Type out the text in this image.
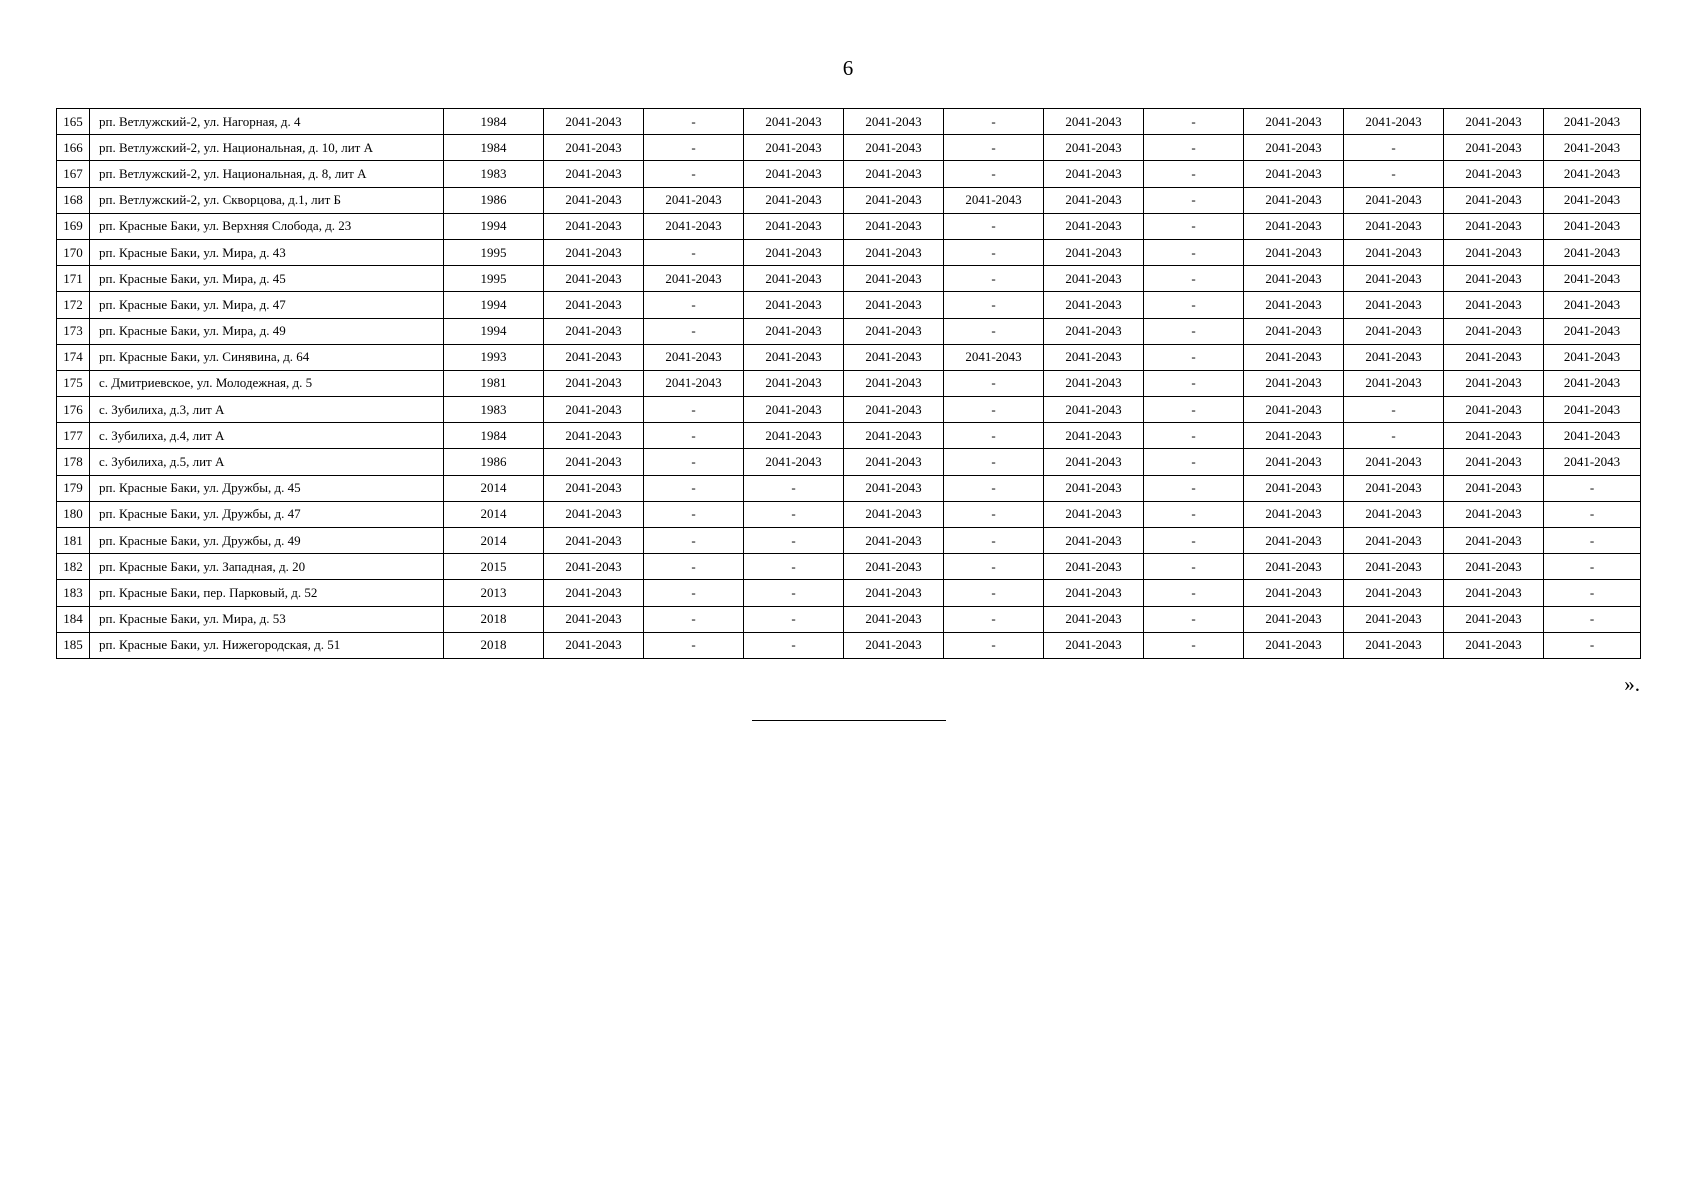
6
165	рп. Ветлужский-2, ул. Нагорная, д. 4	1984	2041-2043	-	2041-2043	2041-2043	-	2041-2043	-	2041-2043	2041-2043	2041-2043	2041-2043
166	рп. Ветлужский-2, ул. Национальная, д. 10, лит А	1984	2041-2043	-	2041-2043	2041-2043	-	2041-2043	-	2041-2043	-	2041-2043	2041-2043
167	рп. Ветлужский-2, ул. Национальная, д. 8, лит А	1983	2041-2043	-	2041-2043	2041-2043	-	2041-2043	-	2041-2043	-	2041-2043	2041-2043
168	рп. Ветлужский-2, ул. Скворцова, д.1, лит Б	1986	2041-2043	2041-2043	2041-2043	2041-2043	2041-2043	2041-2043	-	2041-2043	2041-2043	2041-2043	2041-2043
169	рп. Красные Баки, ул. Верхняя Слобода, д. 23	1994	2041-2043	2041-2043	2041-2043	2041-2043	-	2041-2043	-	2041-2043	2041-2043	2041-2043	2041-2043
170	рп. Красные Баки, ул. Мира, д. 43	1995	2041-2043	-	2041-2043	2041-2043	-	2041-2043	-	2041-2043	2041-2043	2041-2043	2041-2043
171	рп. Красные Баки, ул. Мира, д. 45	1995	2041-2043	2041-2043	2041-2043	2041-2043	-	2041-2043	-	2041-2043	2041-2043	2041-2043	2041-2043
172	рп. Красные Баки, ул. Мира, д. 47	1994	2041-2043	-	2041-2043	2041-2043	-	2041-2043	-	2041-2043	2041-2043	2041-2043	2041-2043
173	рп. Красные Баки, ул. Мира, д. 49	1994	2041-2043	-	2041-2043	2041-2043	-	2041-2043	-	2041-2043	2041-2043	2041-2043	2041-2043
174	рп. Красные Баки, ул. Синявина, д. 64	1993	2041-2043	2041-2043	2041-2043	2041-2043	2041-2043	2041-2043	-	2041-2043	2041-2043	2041-2043	2041-2043
175	с. Дмитриевское, ул. Молодежная, д. 5	1981	2041-2043	2041-2043	2041-2043	2041-2043	-	2041-2043	-	2041-2043	2041-2043	2041-2043	2041-2043
176	с. Зубилиха, д.3, лит А	1983	2041-2043	-	2041-2043	2041-2043	-	2041-2043	-	2041-2043	-	2041-2043	2041-2043
177	с. Зубилиха, д.4, лит А	1984	2041-2043	-	2041-2043	2041-2043	-	2041-2043	-	2041-2043	-	2041-2043	2041-2043
178	с. Зубилиха, д.5, лит А	1986	2041-2043	-	2041-2043	2041-2043	-	2041-2043	-	2041-2043	2041-2043	2041-2043	2041-2043
179	рп. Красные Баки, ул. Дружбы, д. 45	2014	2041-2043	-	-	2041-2043	-	2041-2043	-	2041-2043	2041-2043	2041-2043	-
180	рп. Красные Баки, ул. Дружбы, д. 47	2014	2041-2043	-	-	2041-2043	-	2041-2043	-	2041-2043	2041-2043	2041-2043	-
181	рп. Красные Баки, ул. Дружбы, д. 49	2014	2041-2043	-	-	2041-2043	-	2041-2043	-	2041-2043	2041-2043	2041-2043	-
182	рп. Красные Баки, ул. Западная, д. 20	2015	2041-2043	-	-	2041-2043	-	2041-2043	-	2041-2043	2041-2043	2041-2043	-
183	рп. Красные Баки, пер. Парковый, д. 52	2013	2041-2043	-	-	2041-2043	-	2041-2043	-	2041-2043	2041-2043	2041-2043	-
184	рп. Красные Баки, ул. Мира, д. 53	2018	2041-2043	-	-	2041-2043	-	2041-2043	-	2041-2043	2041-2043	2041-2043	-
185	рп. Красные Баки, ул. Нижегородская, д. 51	2018	2041-2043	-	-	2041-2043	-	2041-2043	-	2041-2043	2041-2043	2041-2043	-
».
